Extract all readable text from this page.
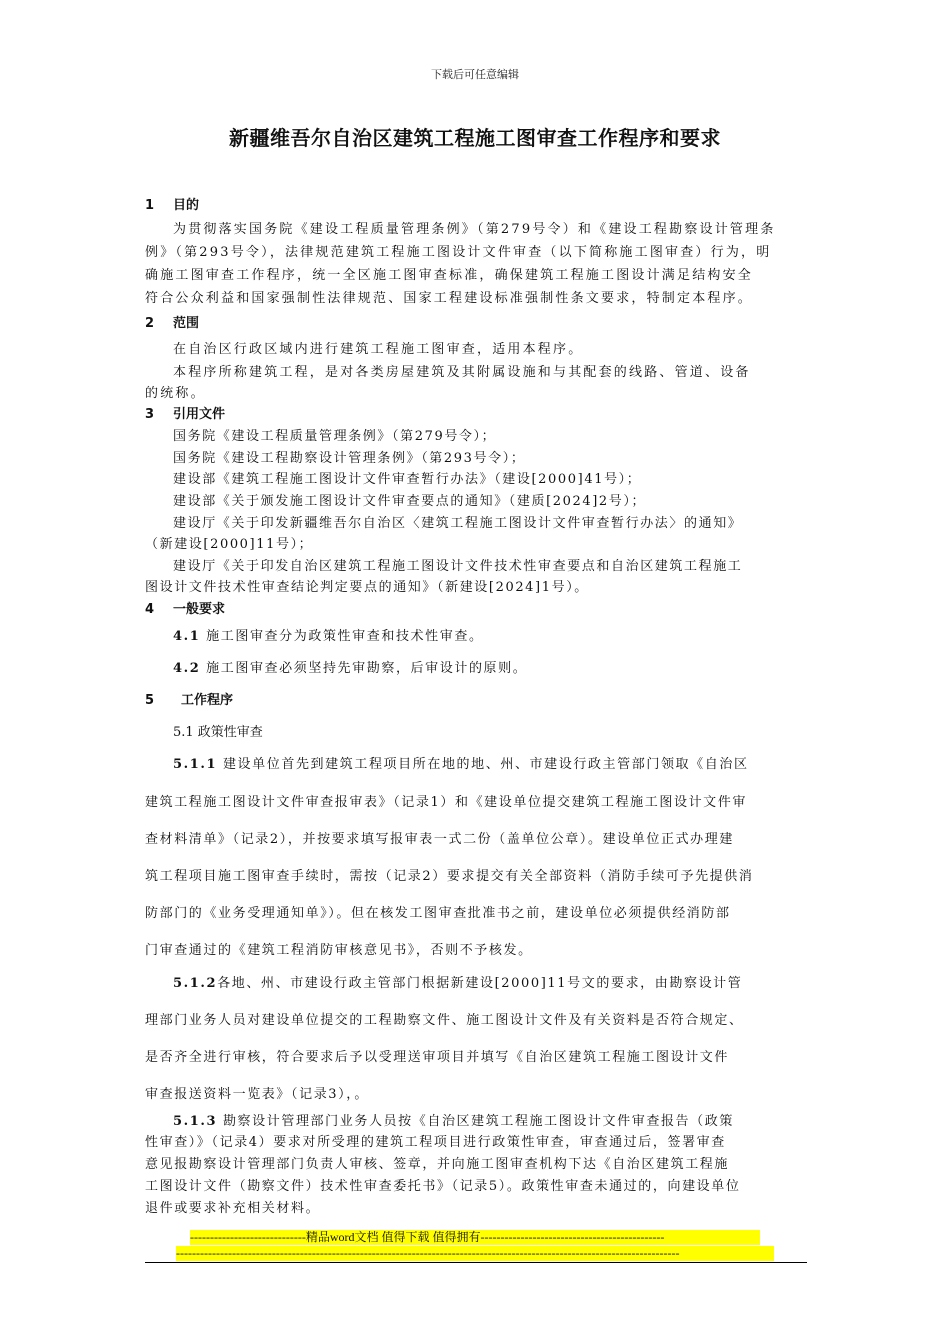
下载后可任意编辑
新疆维吾尔自治区建筑工程施工图审查工作程序和要求
1 目的
为贯彻落实国务院《建设工程质量管理条例》（第279号令）和《建设工程勘察设计管理条
例》（第293号令），法律规范建筑工程施工图设计文件审查（以下简称施工图审查）行为，明
确施工图审查工作程序，统一全区施工图审查标准，确保建筑工程施工图设计满足结构安全
符合公众利益和国家强制性法律规范、国家工程建设标准强制性条文要求，特制定本程序。
2 范围
在自治区行政区域内进行建筑工程施工图审查，适用本程序。
本程序所称建筑工程，是对各类房屋建筑及其附属设施和与其配套的线路、管道、设备
的统称。
3 引用文件
国务院《建设工程质量管理条例》（第279号令）；
国务院《建设工程勘察设计管理条例》（第293号令）；
建设部《建筑工程施工图设计文件审查暂行办法》（建设[2000]41号）；
建设部《关于颁发施工图设计文件审查要点的通知》（建质[2024]2号）；
建设厅《关于印发新疆维吾尔自治区〈建筑工程施工图设计文件审查暂行办法〉的通知》
（新建设[2000]11号）；
建设厅《关于印发自治区建筑工程施工图设计文件技术性审查要点和自治区建筑工程施工
图设计文件技术性审查结论判定要点的通知》（新建设[2024]1号）。
4 一般要求
4.1 施工图审查分为政策性审查和技术性审查。
4.2 施工图审查必须坚持先审勘察，后审设计的原则。
5 工作程序
5.1 政策性审查
5.1.1 建设单位首先到建筑工程项目所在地的地、州、市建设行政主管部门领取《自治区
建筑工程施工图设计文件审查报审表》（记录1）和《建设单位提交建筑工程施工图设计文件审
查材料清单》（记录2），并按要求填写报审表一式二份（盖单位公章）。建设单位正式办理建
筑工程项目施工图审查手续时，需按（记录2）要求提交有关全部资料（消防手续可予先提供消
防部门的《业务受理通知单》）。但在核发工图审查批准书之前，建设单位必须提供经消防部
门审查通过的《建筑工程消防审核意见书》，否则不予核发。
5.1.2各地、州、市建设行政主管部门根据新建设[2000]11号文的要求，由勘察设计管
理部门业务人员对建设单位提交的工程勘察文件、施工图设计文件及有关资料是否符合规定、
是否齐全进行审核，符合要求后予以受理送审项目并填写《自治区建筑工程施工图设计文件
审查报送资料一览表》（记录3），。
5.1.3 勘察设计管理部门业务人员按《自治区建筑工程施工图设计文件审查报告（政策
性审查）》（记录4）要求对所受理的建筑工程项目进行政策性审查，审查通过后，签署审查
意见报勘察设计管理部门负责人审核、签章，并向施工图审查机构下达《自治区建筑工程施
工图设计文件（勘察文件）技术性审查委托书》（记录5）。政策性审查未通过的，向建设单位
退件或要求补充相关材料。
-----------------------------精品word文档 值得下载 值得拥有----------------------------------------------
------------------------------------------------------------------------------------------------------------------------------
